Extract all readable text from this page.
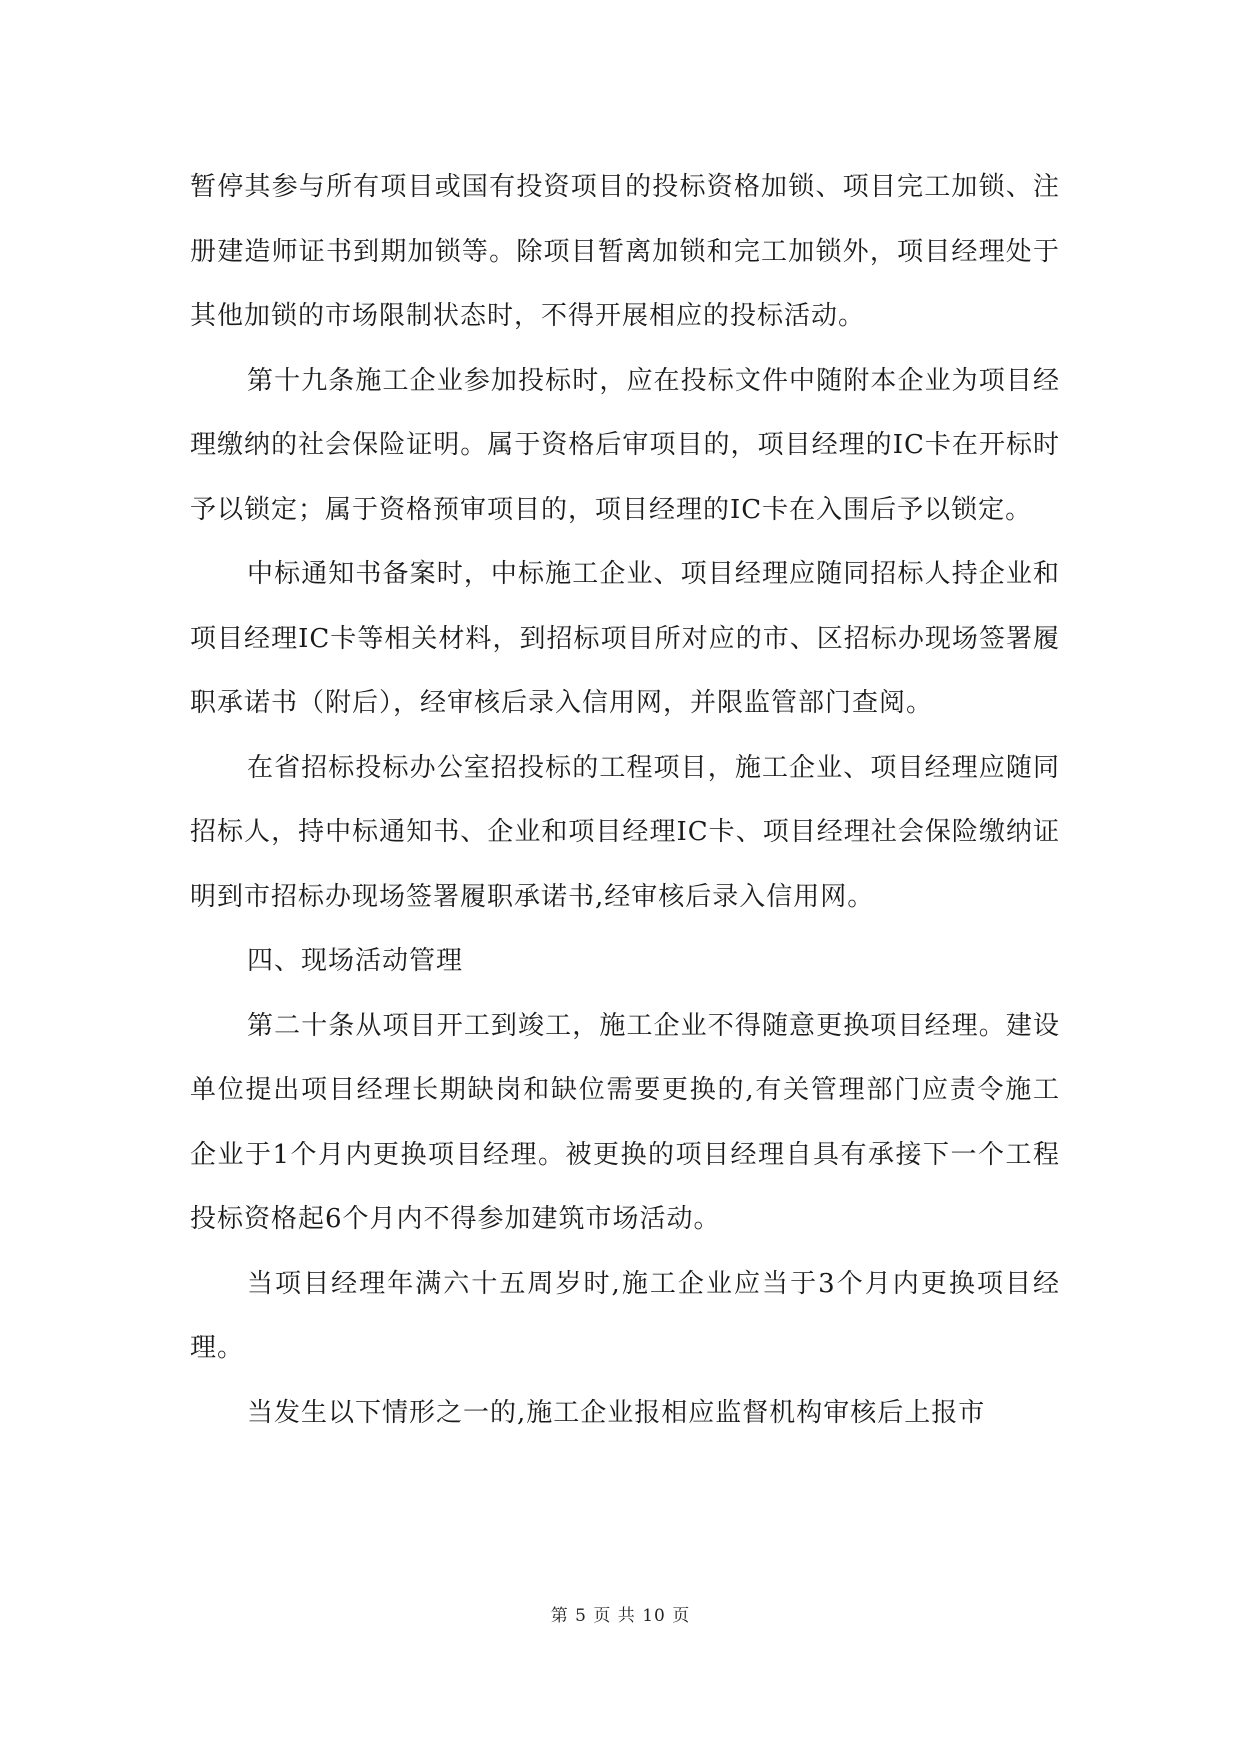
暂停其参与所有项目或国有投资项目的投标资格加锁、项目完工加锁、注册建造师证书到期加锁等。除项目暂离加锁和完工加锁外，项目经理处于其他加锁的市场限制状态时，不得开展相应的投标活动。

第十九条施工企业参加投标时，应在投标文件中随附本企业为项目经理缴纳的社会保险证明。属于资格后审项目的，项目经理的IC卡在开标时予以锁定；属于资格预审项目的，项目经理的IC卡在入围后予以锁定。

中标通知书备案时，中标施工企业、项目经理应随同招标人持企业和项目经理IC卡等相关材料，到招标项目所对应的市、区招标办现场签署履职承诺书（附后），经审核后录入信用网，并限监管部门查阅。

在省招标投标办公室招投标的工程项目，施工企业、项目经理应随同招标人，持中标通知书、企业和项目经理IC卡、项目经理社会保险缴纳证明到市招标办现场签署履职承诺书,经审核后录入信用网。

四、现场活动管理

第二十条从项目开工到竣工，施工企业不得随意更换项目经理。建设单位提出项目经理长期缺岗和缺位需要更换的,有关管理部门应责令施工企业于1个月内更换项目经理。被更换的项目经理自具有承接下一个工程投标资格起6个月内不得参加建筑市场活动。

当项目经理年满六十五周岁时,施工企业应当于3个月内更换项目经理。

当发生以下情形之一的,施工企业报相应监督机构审核后上报市

第 5 页 共 10 页
